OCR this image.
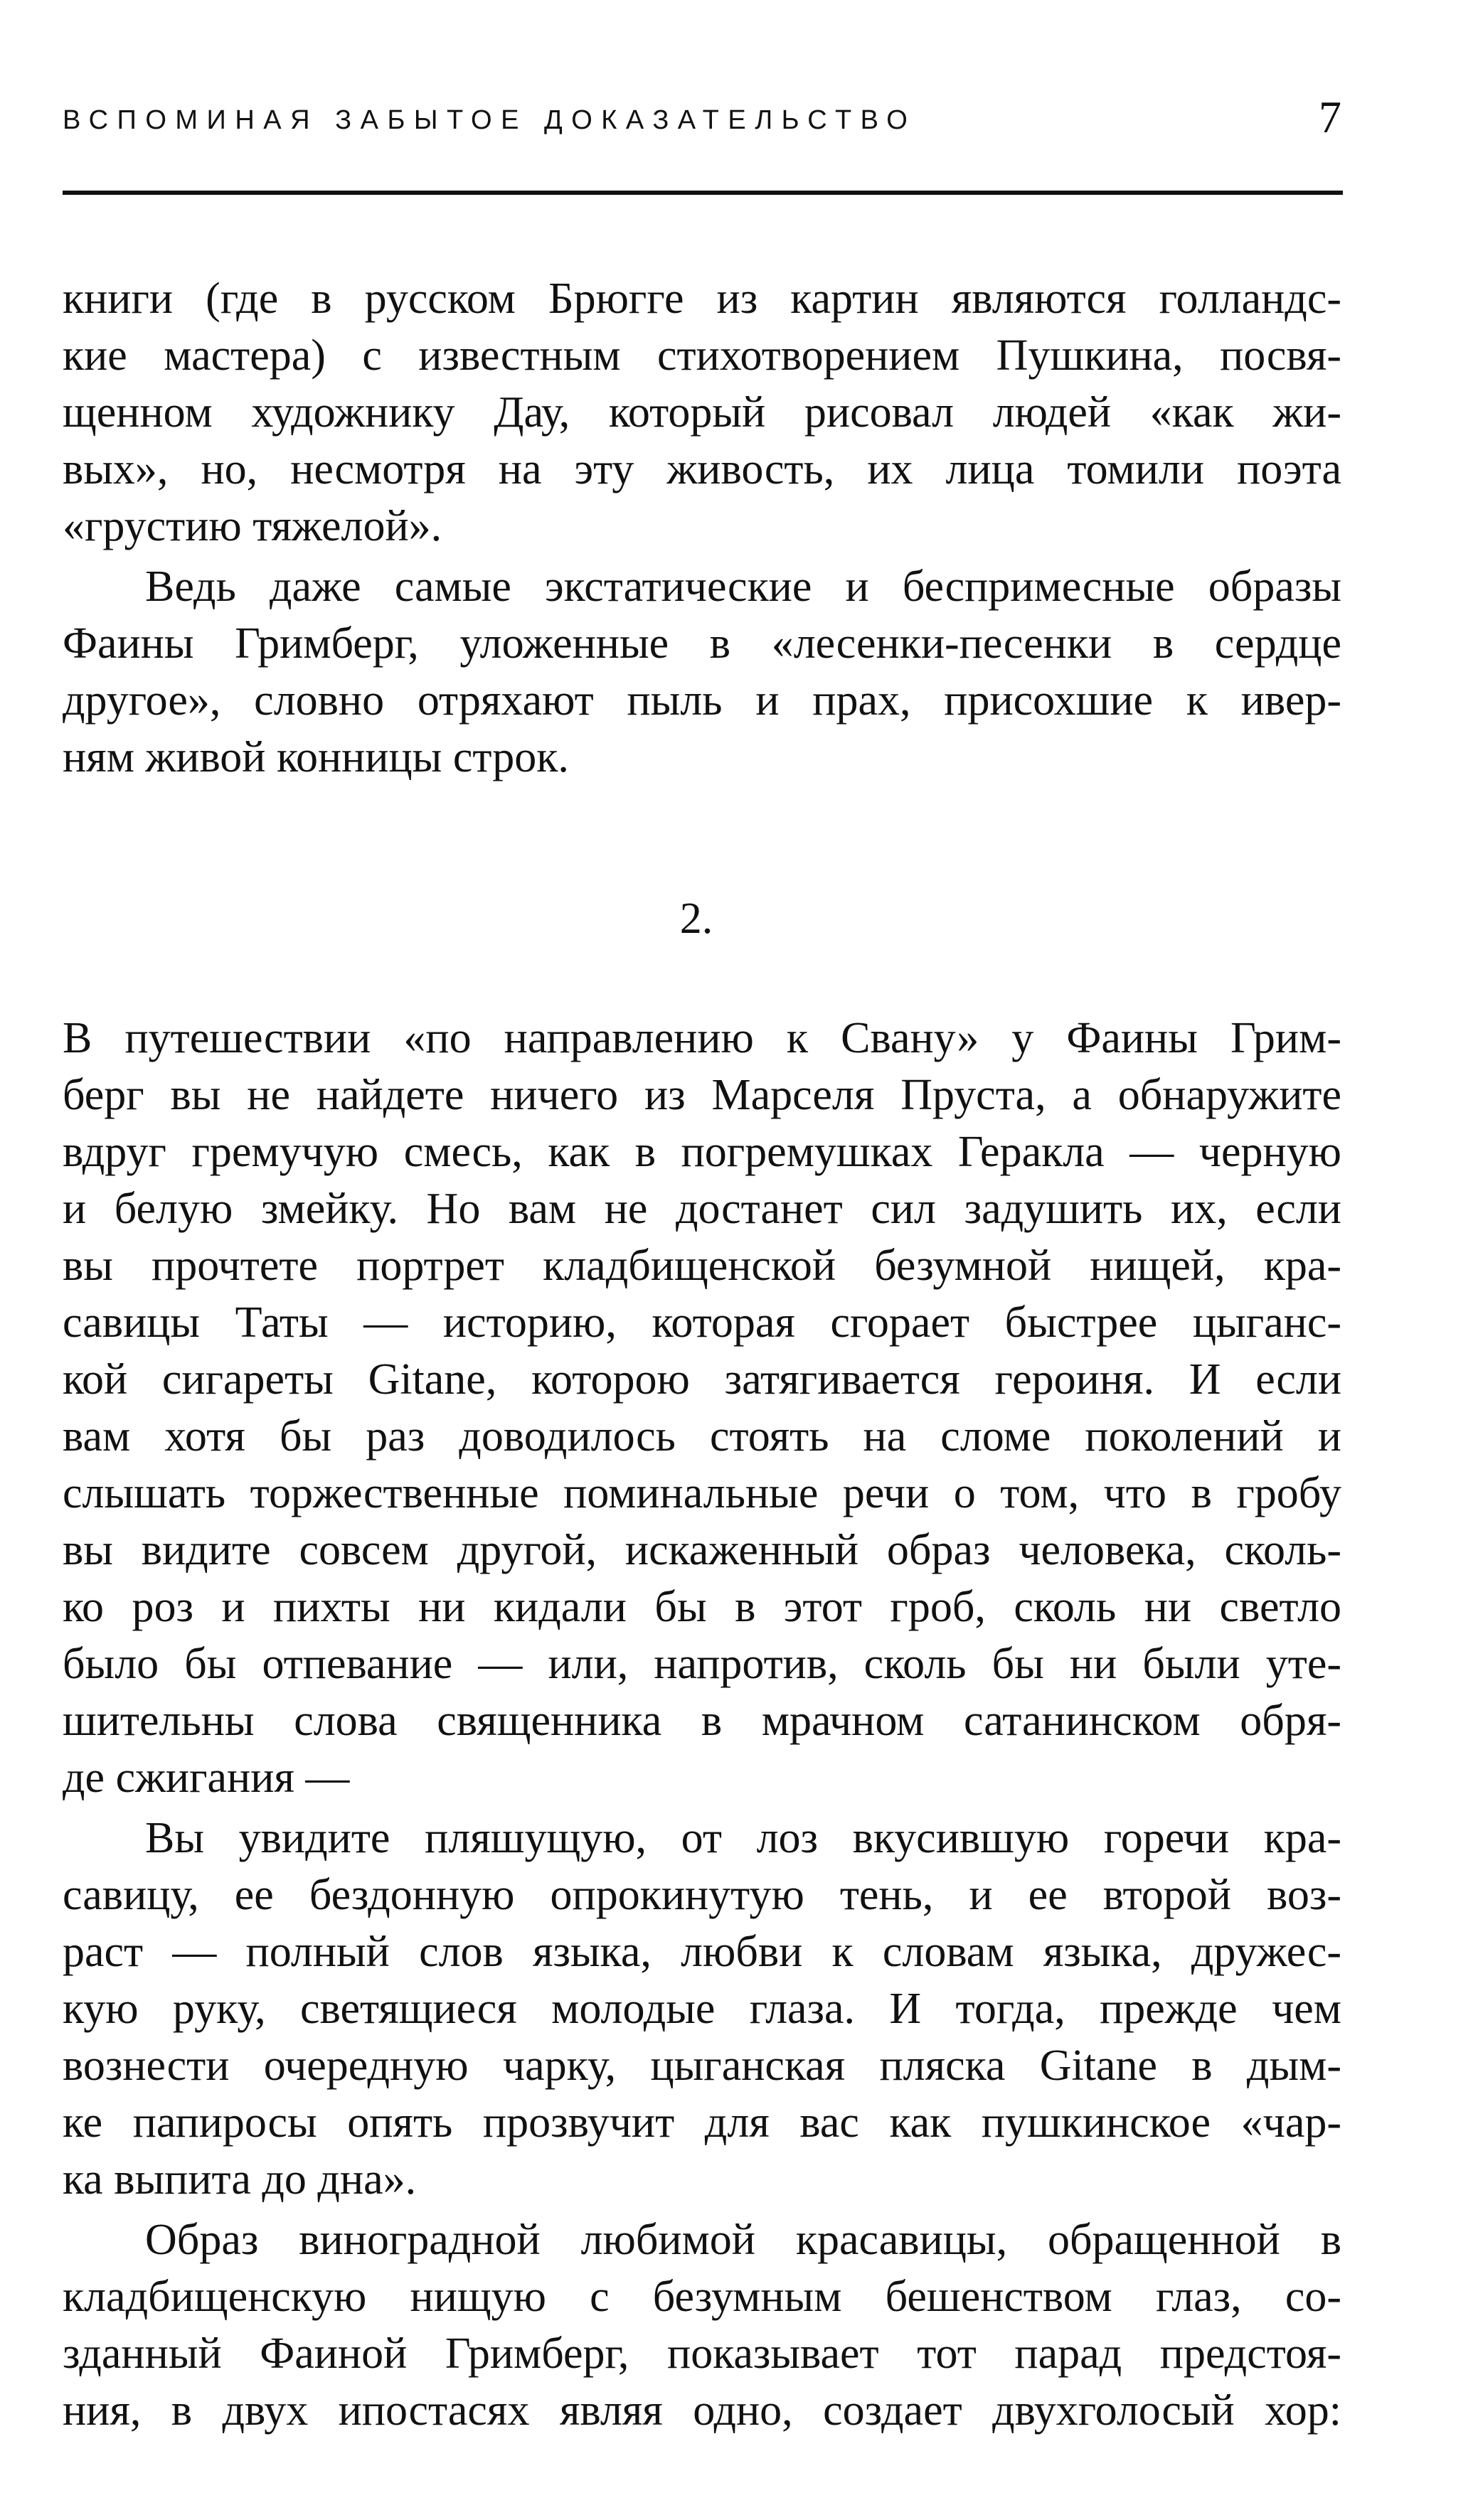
ВСПОМИНАЯ ЗАБЫТОЕ ДОКАЗАТЕЛЬСТВО	7
книги (где в русском Брюгге из картин являются голландс-
кие мастера) с известным стихотворением Пушкина, посвя-
щенном художнику Дау, который рисовал людей «как жи-
вых», но, несмотря на эту живость, их лица томили поэта
«грустию тяжелой».
Ведь даже самые экстатические и беспримесные образы
Фаины Гримберг, уложенные в «лесенки-песенки в сердце
другое», словно отряхают пыль и прах, присохшие к ивер-
ням живой конницы строк.
2.
В путешествии «по направлению к Свану» у Фаины Грим-
берг вы не найдете ничего из Марселя Пруста, а обнаружите
вдруг гремучую смесь, как в погремушках Геракла — черную
и белую змейку. Но вам не достанет сил задушить их, если
вы прочтете портрет кладбищенской безумной нищей, кра-
савицы Таты — историю, которая сгорает быстрее цыганс-
кой сигареты Gitane, которою затягивается героиня. И если
вам хотя бы раз доводилось стоять на сломе поколений и
слышать торжественные поминальные речи о том, что в гробу
вы видите совсем другой, искаженный образ человека, сколь-
ко роз и пихты ни кидали бы в этот гроб, сколь ни светло
было бы отпевание — или, напротив, сколь бы ни были уте-
шительны слова священника в мрачном сатанинском обря-
де сжигания —
Вы увидите пляшущую, от лоз вкусившую горечи кра-
савицу, ее бездонную опрокинутую тень, и ее второй воз-
раст — полный слов языка, любви к словам языка, дружес-
кую руку, светящиеся молодые глаза. И тогда, прежде чем
вознести очередную чарку, цыганская пляска Gitane в дым-
ке папиросы опять прозвучит для вас как пушкинское «чар-
ка выпита до дна».
Образ виноградной любимой красавицы, обращенной в
кладбищенскую нищую с безумным бешенством глаз, со-
зданный Фаиной Гримберг, показывает тот парад предстоя-
ния, в двух ипостасях являя одно, создает двухголосый хор:
